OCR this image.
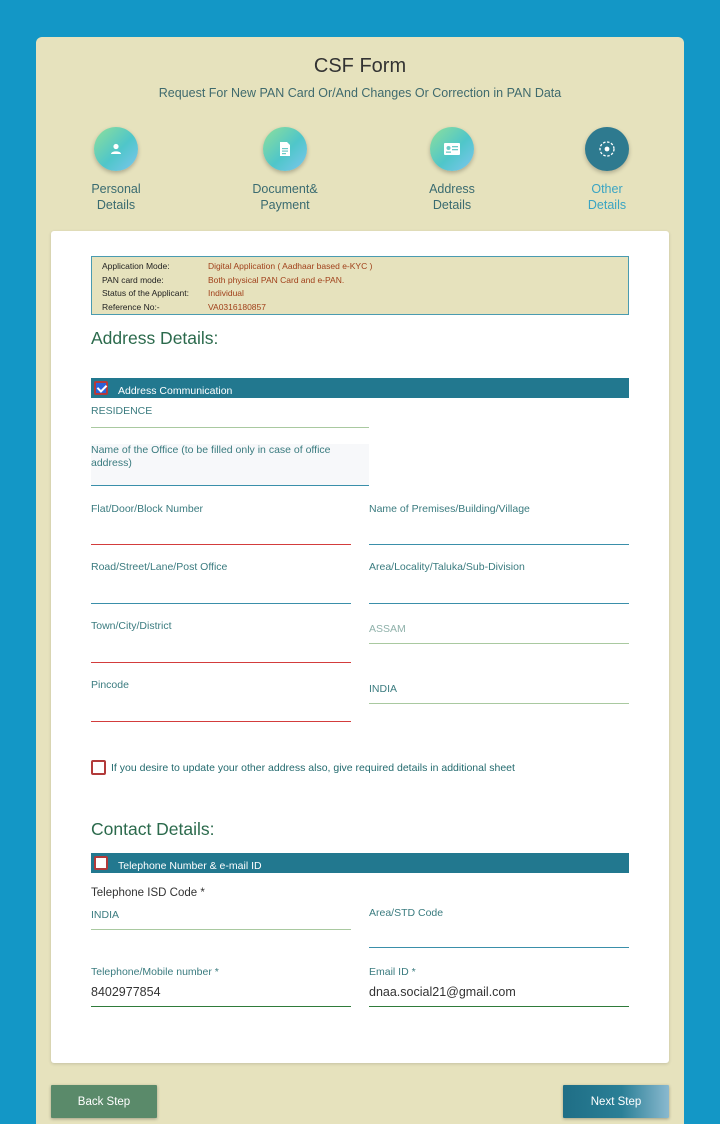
CSF Form
Request For New PAN Card Or/And Changes Or Correction in PAN Data
Personal
Details
Document&
Payment
Address
Details
Other
Details
Application Mode:	Digital Application ( Aadhaar based e-KYC )
PAN card mode:	Both physical PAN Card and e-PAN.
Status of the Applicant:	Individual
Reference No:-	VA0316180857
Address Details:
Address Communication
RESIDENCE
Name of the Office (to be filled only in case of office address)
Flat/Door/Block Number	Name of Premises/Building/Village
Road/Street/Lane/Post Office	Area/Locality/Taluka/Sub-Division
Town/City/District	ASSAM
Pincode	INDIA
If you desire to update your other address also, give required details in additional sheet
Contact Details:
Telephone Number & e-mail ID
Telephone ISD Code *
INDIA	Area/STD Code
Telephone/Mobile number *
8402977854
Email ID *
dnaa.social21@gmail.com
Back Step	Next Step
